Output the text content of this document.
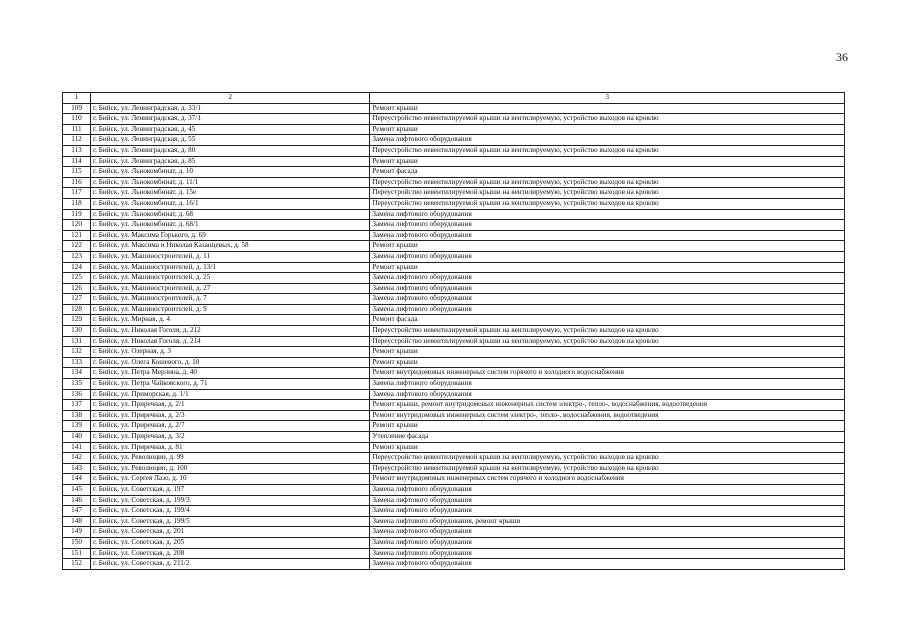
36
1	2	3
109	г. Бийск, ул. Ленинградская, д. 33/1	Ремонт крыши
110	г. Бийск, ул. Ленинградская, д. 37/1	Переустройство невентилируемой крыши на вентилируемую, устройство выходов на кровлю
111	г. Бийск, ул. Ленинградская, д. 45	Ремонт крыши
112	г. Бийск, ул. Ленинградская, д. 55	Замена лифтового оборудования
113	г. Бийск, ул. Ленинградская, д. 80	Переустройство невентилируемой крыши на вентилируемую, устройство выходов на кровлю
114	г. Бийск, ул. Ленинградская, д. 85	Ремонт крыши
115	г. Бийск, ул. Льнокомбинат, д. 10	Ремонт фасада
116	г. Бийск, ул. Льнокомбинат, д. 11/1	Переустройство невентилируемой крыши на вентилируемую, устройство выходов на кровлю
117	г. Бийск, ул. Льнокомбинат, д. 15е	Переустройство невентилируемой крыши на вентилируемую, устройство выходов на кровлю
118	г. Бийск, ул. Льнокомбинат, д. 16/1	Переустройство невентилируемой крыши на вентилируемую, устройство выходов на кровлю
119	г. Бийск, ул. Льнокомбинат, д. 68	Замена лифтового оборудования
120	г. Бийск, ул. Льнокомбинат, д. 68/1	Замена лифтового оборудования
121	г. Бийск, ул. Максима Горького, д. 69	Замена лифтового оборудования
122	г. Бийск, ул. Максима и Николая Казанцевых, д. 58	Ремонт крыши
123	г. Бийск, ул. Машиностроителей, д. 11	Замена лифтового оборудования
124	г. Бийск, ул. Машиностроителей, д. 13/1	Ремонт крыши
125	г. Бийск, ул. Машиностроителей, д. 25	Замена лифтового оборудования
126	г. Бийск, ул. Машиностроителей, д. 27	Замена лифтового оборудования
127	г. Бийск, ул. Машиностроителей, д. 7	Замена лифтового оборудования
128	г. Бийск, ул. Машиностроителей, д. 9	Замена лифтового оборудования
129	г. Бийск, ул. Мирная, д. 4	Ремонт фасада
130	г. Бийск, ул. Николая Гоголя, д. 212	Переустройство невентилируемой крыши на вентилируемую, устройство выходов на кровлю
131	г. Бийск, ул. Николая Гоголя, д. 214	Переустройство невентилируемой крыши на вентилируемую, устройство выходов на кровлю
132	г. Бийск, ул. Озерная, д. 3	Ремонт крыши
133	г. Бийск, ул. Олега Кошевого, д. 10	Ремонт крыши
134	г. Бийск, ул. Петра Мерлина, д. 40	Ремонт внутридомовых инженерных систем горячего и холодного водоснабжения
135	г. Бийск, ул. Петра Чайковского, д. 71	Замена лифтового оборудования
136	г. Бийск, ул. Приморская, д. 1/1	Замена лифтового оборудования
137	г. Бийск, ул. Приречная, д. 2/1	Ремонт крыши, ремонт внутридомовых инженерных систем электро-, тепло-, водоснабжения, водоотведения
138	г. Бийск, ул. Приречная, д. 2/3	Ремонт внутридомовых инженерных систем электро-, тепло-, водоснабжения, водоотведения
139	г. Бийск, ул. Приречная, д. 2/7	Ремонт крыши
140	г. Бийск, ул. Приречная, д. 3/2	Утепление фасада
141	г. Бийск, ул. Приречная, д. 81	Ремонт крыши
142	г. Бийск, ул. Революции, д. 99	Переустройство невентилируемой крыши на вентилируемую, устройство выходов на кровлю
143	г. Бийск, ул. Революции, д. 100	Переустройство невентилируемой крыши на вентилируемую, устройство выходов на кровлю
144	г. Бийск, ул. Сергея Лазо, д. 10	Ремонт внутридомовых инженерных систем горячего и холодного водоснабжения
145	г. Бийск, ул. Советская, д. 197	Замена лифтового оборудования
146	г. Бийск, ул. Советская, д. 199/3	Замена лифтового оборудования
147	г. Бийск, ул. Советская, д. 199/4	Замена лифтового оборудования
148	г. Бийск, ул. Советская, д. 199/5	Замена лифтового оборудования, ремонт крыши
149	г. Бийск, ул. Советская, д. 201	Замена лифтового оборудования
150	г. Бийск, ул. Советская, д. 205	Замена лифтового оборудования
151	г. Бийск, ул. Советская, д. 208	Замена лифтового оборудования
152	г. Бийск, ул. Советская, д. 211/2	Замена лифтового оборудования
